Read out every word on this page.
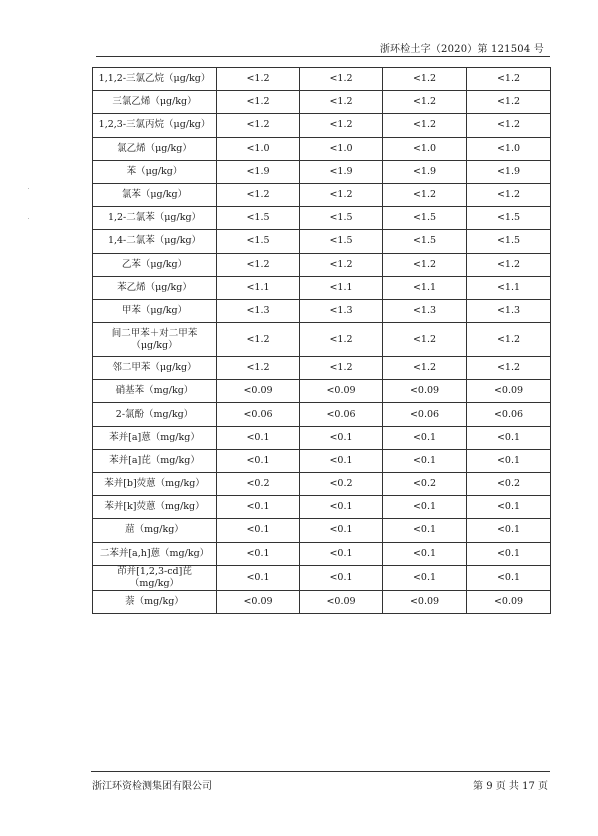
浙环检土字（2020）第 121504 号
1,1,2-三氯乙烷（μg/kg）	<1.2	<1.2	<1.2	<1.2
三氯乙烯（μg/kg）	<1.2	<1.2	<1.2	<1.2
1,2,3-三氯丙烷（μg/kg）	<1.2	<1.2	<1.2	<1.2
氯乙烯（μg/kg）	<1.0	<1.0	<1.0	<1.0
苯（μg/kg）	<1.9	<1.9	<1.9	<1.9
氯苯（μg/kg）	<1.2	<1.2	<1.2	<1.2
1,2-二氯苯（μg/kg）	<1.5	<1.5	<1.5	<1.5
1,4-二氯苯（μg/kg）	<1.5	<1.5	<1.5	<1.5
乙苯（μg/kg）	<1.2	<1.2	<1.2	<1.2
苯乙烯（μg/kg）	<1.1	<1.1	<1.1	<1.1
甲苯（μg/kg）	<1.3	<1.3	<1.3	<1.3
间二甲苯＋对二甲苯（μg/kg）	<1.2	<1.2	<1.2	<1.2
邻二甲苯（μg/kg）	<1.2	<1.2	<1.2	<1.2
硝基苯（mg/kg）	<0.09	<0.09	<0.09	<0.09
2-氯酚（mg/kg）	<0.06	<0.06	<0.06	<0.06
苯并[a]蒽（mg/kg）	<0.1	<0.1	<0.1	<0.1
苯并[a]芘（mg/kg）	<0.1	<0.1	<0.1	<0.1
苯并[b]荧蒽（mg/kg）	<0.2	<0.2	<0.2	<0.2
苯并[k]荧蒽（mg/kg）	<0.1	<0.1	<0.1	<0.1
䓛（mg/kg）	<0.1	<0.1	<0.1	<0.1
二苯并[a,h]蒽（mg/kg）	<0.1	<0.1	<0.1	<0.1
茚并[1,2,3-cd]芘（mg/kg）	<0.1	<0.1	<0.1	<0.1
萘（mg/kg）	<0.09	<0.09	<0.09	<0.09
浙江环资检测集团有限公司	第 9 页 共 17 页
